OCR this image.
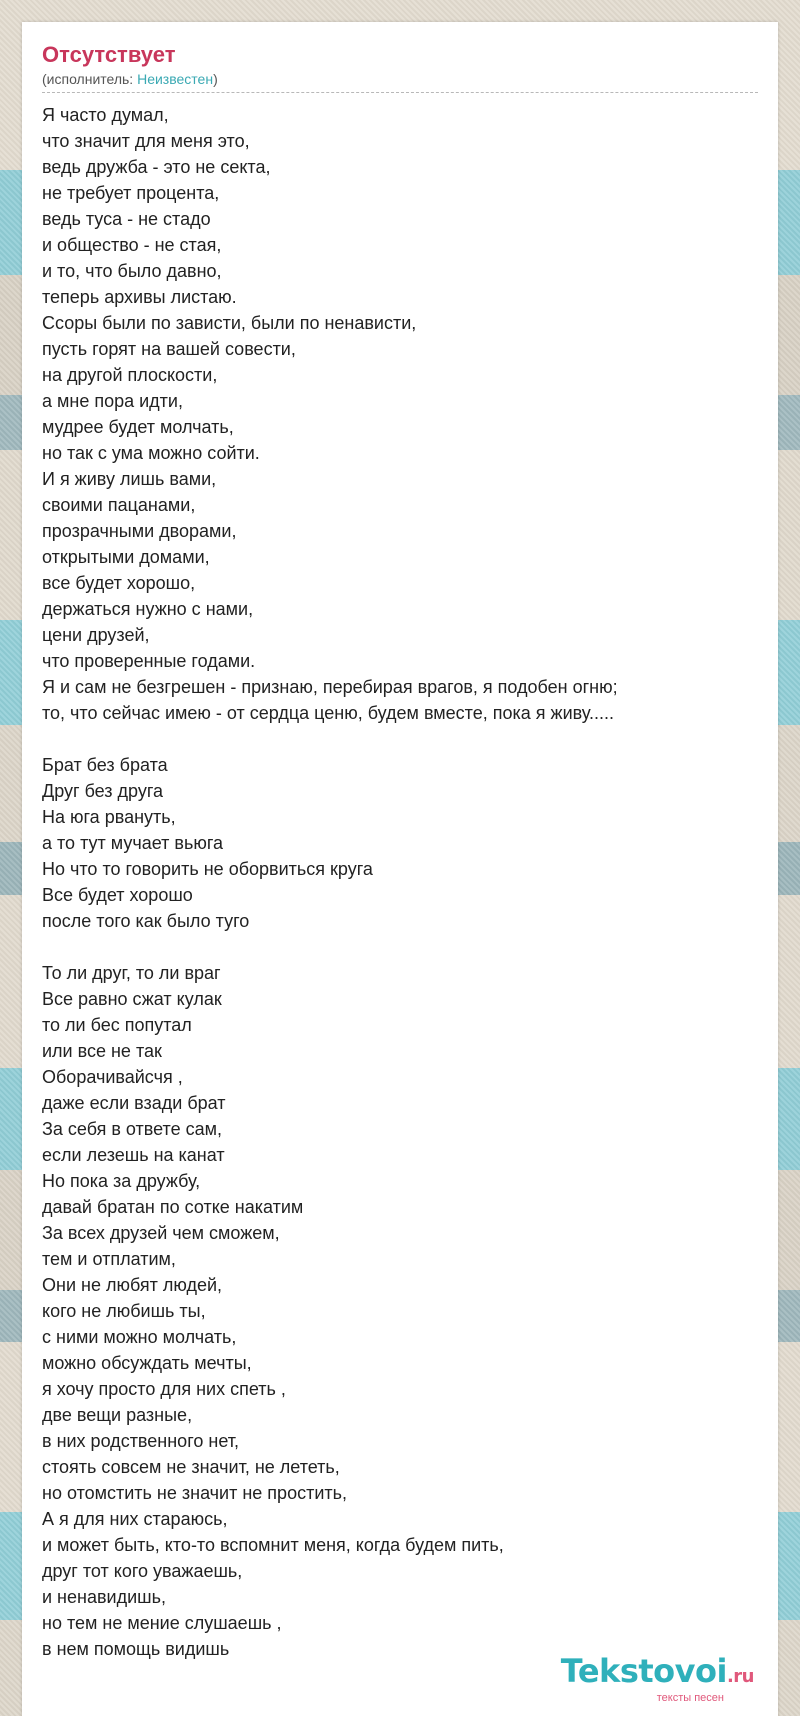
Отсутствует
(исполнитель: Неизвестен)
Я часто думал,
что значит для меня это,
ведь дружба - это не секта,
не требует процента,
ведь туса - не стадо
и общество - не стая,
и то, что было давно,
теперь архивы листаю.
Ссоры были по зависти, были по ненависти,
пусть горят на вашей совести,
на другой плоскости,
а мне пора идти,
мудрее будет молчать,
но так с ума можно сойти.
И я живу лишь вами,
своими пацанами,
прозрачными дворами,
открытыми домами,
все будет хорошо,
держаться нужно с нами,
цени друзей,
что проверенные годами.
Я и сам не безгрешен - признаю, перебирая врагов, я подобен огню;
то, что сейчас имею - от сердца ценю, будем вместе, пока я живу.....
Брат без брата
Друг без друга
На юга рвануть,
а то тут мучает вьюга
Но что то говорить не оборвиться круга
Все будет хорошо
после того как было туго
То ли друг, то ли враг
Все равно сжат кулак
то ли бес попутал
или все не так
Оборачивайсчя ,
даже если взади брат
За себя в ответе сам,
если лезешь на канат
Но пока за дружбу,
давай братан по сотке накатим
За всех друзей чем сможем,
тем и отплатим,
Они не любят людей,
кого не любишь ты,
с ними можно молчать,
можно обсуждать мечты,
я хочу просто для них спеть ,
две вещи разные,
в них родственного нет,
стоять совсем не значит, не лететь,
но отомстить не значит не простить,
А я для них стараюсь,
и может быть, кто-то вспомнит меня, когда будем пить,
друг тот кого уважаешь,
и ненавидишь,
но тем не мение слушаешь ,
в нем помощь видишь
Tekstovoi.ru
тексты песен
